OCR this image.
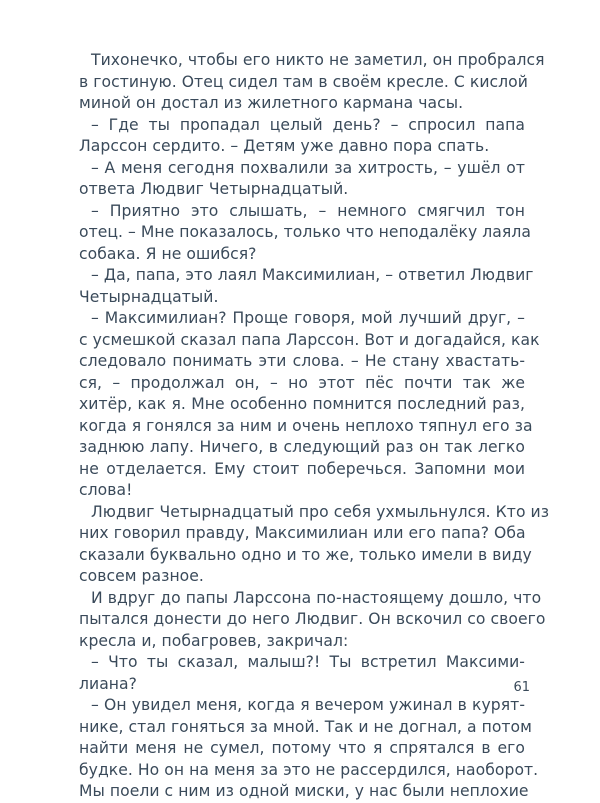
Тихонечко, чтобы его никто не заметил, он пробрался
в гостиную. Отец сидел там в своём кресле. С кислой
миной он достал из жилетного кармана часы.
– Где ты пропадал целый день? – спросил папа
Ларссон сердито. – Детям уже давно пора спать.
– А меня сегодня похвалили за хитрость, – ушёл от
ответа Людвиг Четырнадцатый.
– Приятно это слышать, – немного смягчил тон
отец. – Мне показалось, только что неподалёку лаяла
собака. Я не ошибся?
– Да, папа, это лаял Максимилиан, – ответил Людвиг
Четырнадцатый.
– Максимилиан? Проще говоря, мой лучший друг, –
с усмешкой сказал папа Ларссон. Вот и догадайся, как
следовало понимать эти слова. – Не стану хвастать-
ся, – продолжал он, – но этот пёс почти так же
хитёр, как я. Мне особенно помнится последний раз,
когда я гонялся за ним и очень неплохо тяпнул его за
заднюю лапу. Ничего, в следующий раз он так легко
не отделается. Ему стоит поберечься. Запомни мои
слова!
Людвиг Четырнадцатый про себя ухмыльнулся. Кто из
них говорил правду, Максимилиан или его папа? Оба
сказали буквально одно и то же, только имели в виду
совсем разное.
И вдруг до папы Ларссона по-настоящему дошло, что
пытался донести до него Людвиг. Он вскочил со своего
кресла и, побагровев, закричал:
– Что ты сказал, малыш?! Ты встретил Максими-
лиана?
– Он увидел меня, когда я вечером ужинал в курят-
нике, стал гоняться за мной. Так и не догнал, а потом
найти меня не сумел, потому что я спрятался в его
будке. Но он на меня за это не рассердился, наоборот.
Мы поели с ним из одной миски, у нас были неплохие
61
